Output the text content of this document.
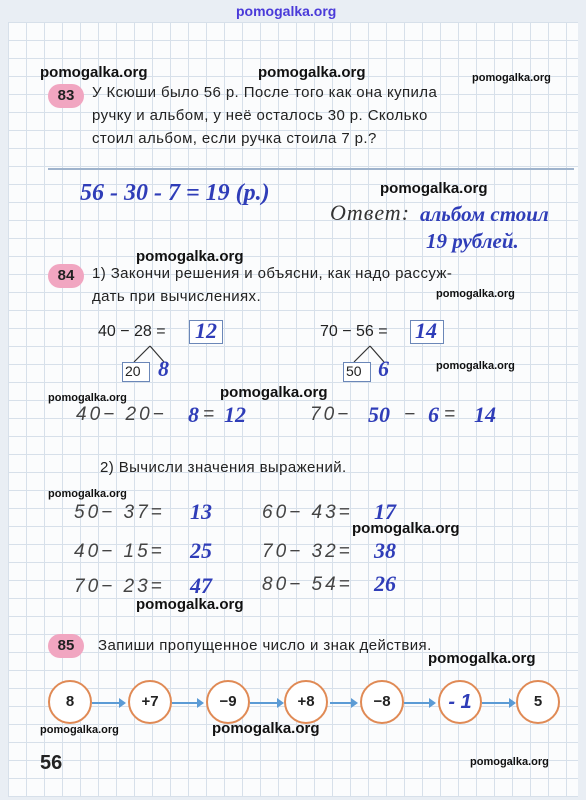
pomogalka.org
pomogalka.org	pomogalka.org	pomogalka.org
83	У Ксюши было 56 р. После того как она купила
ручку и альбом, у неё осталось 30 р. Сколько
стоил альбом, если ручка стоила 7 р.?
56 - 30 - 7 = 19 (р.)	pomogalka.org
Ответ: альбом стоил
19 рублей.
pomogalka.org
84	1) Закончи решения и объясни, как надо рассуж-
дать при вычислениях.	pomogalka.org
40 − 28 = 12
20 8
70 − 56 = 14
50 6	pomogalka.org
pomogalka.org	pomogalka.org
40− 20− 8 = 12	70− 50 − 6 = 14
2) Вычисли значения выражений.
pomogalka.org
50− 37= 13	60− 43= 17
pomogalka.org
40− 15= 25	70− 32= 38
70− 23= 47	80− 54= 26
pomogalka.org
85	Запиши пропущенное число и знак действия.
pomogalka.org
8	+7	−9	+8	−8	- 1	5
pomogalka.org	pomogalka.org
56	pomogalka.org
